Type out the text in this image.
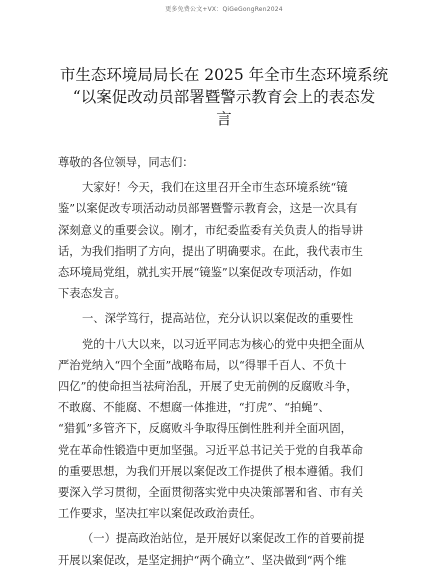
更多免费公文+VX：QiGeGongRen2024
市生态环境局局长在 2025 年全市生态环境系统
“以案促改动员部署暨警示教育会上的表态发
言
尊敬的各位领导，同志们：
大家好！今天，我们在这里召开全市生态环境系统“镜
鉴”以案促改专项活动动员部署暨警示教育会，这是一次具有
深刻意义的重要会议。刚才，市纪委监委有关负责人的指导讲
话，为我们指明了方向，提出了明确要求。在此，我代表市生
态环境局党组，就扎实开展“镜鉴”以案促改专项活动，作如
下表态发言。
一、深学笃行，提高站位，充分认识以案促改的重要性
党的十八大以来，以习近平同志为核心的党中央把全面从
严治党纳入“四个全面”战略布局，以“得罪千百人、不负十
四亿”的使命担当祛疴治乱，开展了史无前例的反腐败斗争，
不敢腐、不能腐、不想腐一体推进，“打虎”、“拍蝇”、
“猎狐”多管齐下，反腐败斗争取得压倒性胜利并全面巩固，
党在革命性锻造中更加坚强。习近平总书记关于党的自我革命
的重要思想，为我们开展以案促改工作提供了根本遵循。我们
要深入学习贯彻，全面贯彻落实党中央决策部署和省、市有关
工作要求，坚决扛牢以案促改政治责任。
（一）提高政治站位，是开展好以案促改工作的首要前提
开展以案促改，是坚定拥护“两个确立”、坚决做到“两个维
